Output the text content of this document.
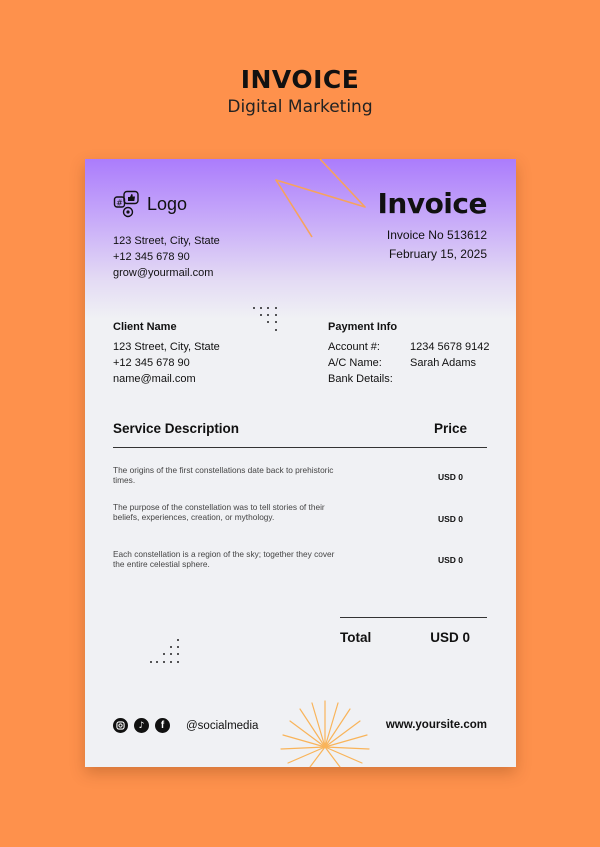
INVOICE
Digital Marketing
# Logo
123 Street, City, State
+12 345 678 90
grow@yourmail.com
Invoice
Invoice No 513612
February 15, 2025
Client Name
123 Street, City, State
+12 345 678 90
name@mail.com
Payment Info
Account #:	1234 5678 9142
A/C Name:	Sarah Adams
Bank Details:
Service Description	Price
The origins of the first constellations date back to prehistoric times.	USD 0
The purpose of the constellation was to tell stories of their beliefs, experiences, creation, or mythology.	USD 0
Each constellation is a region of the sky; together they cover the entire celestial sphere.	USD 0
Total	USD 0
♪	f	@socialmedia	www.yoursite.com
